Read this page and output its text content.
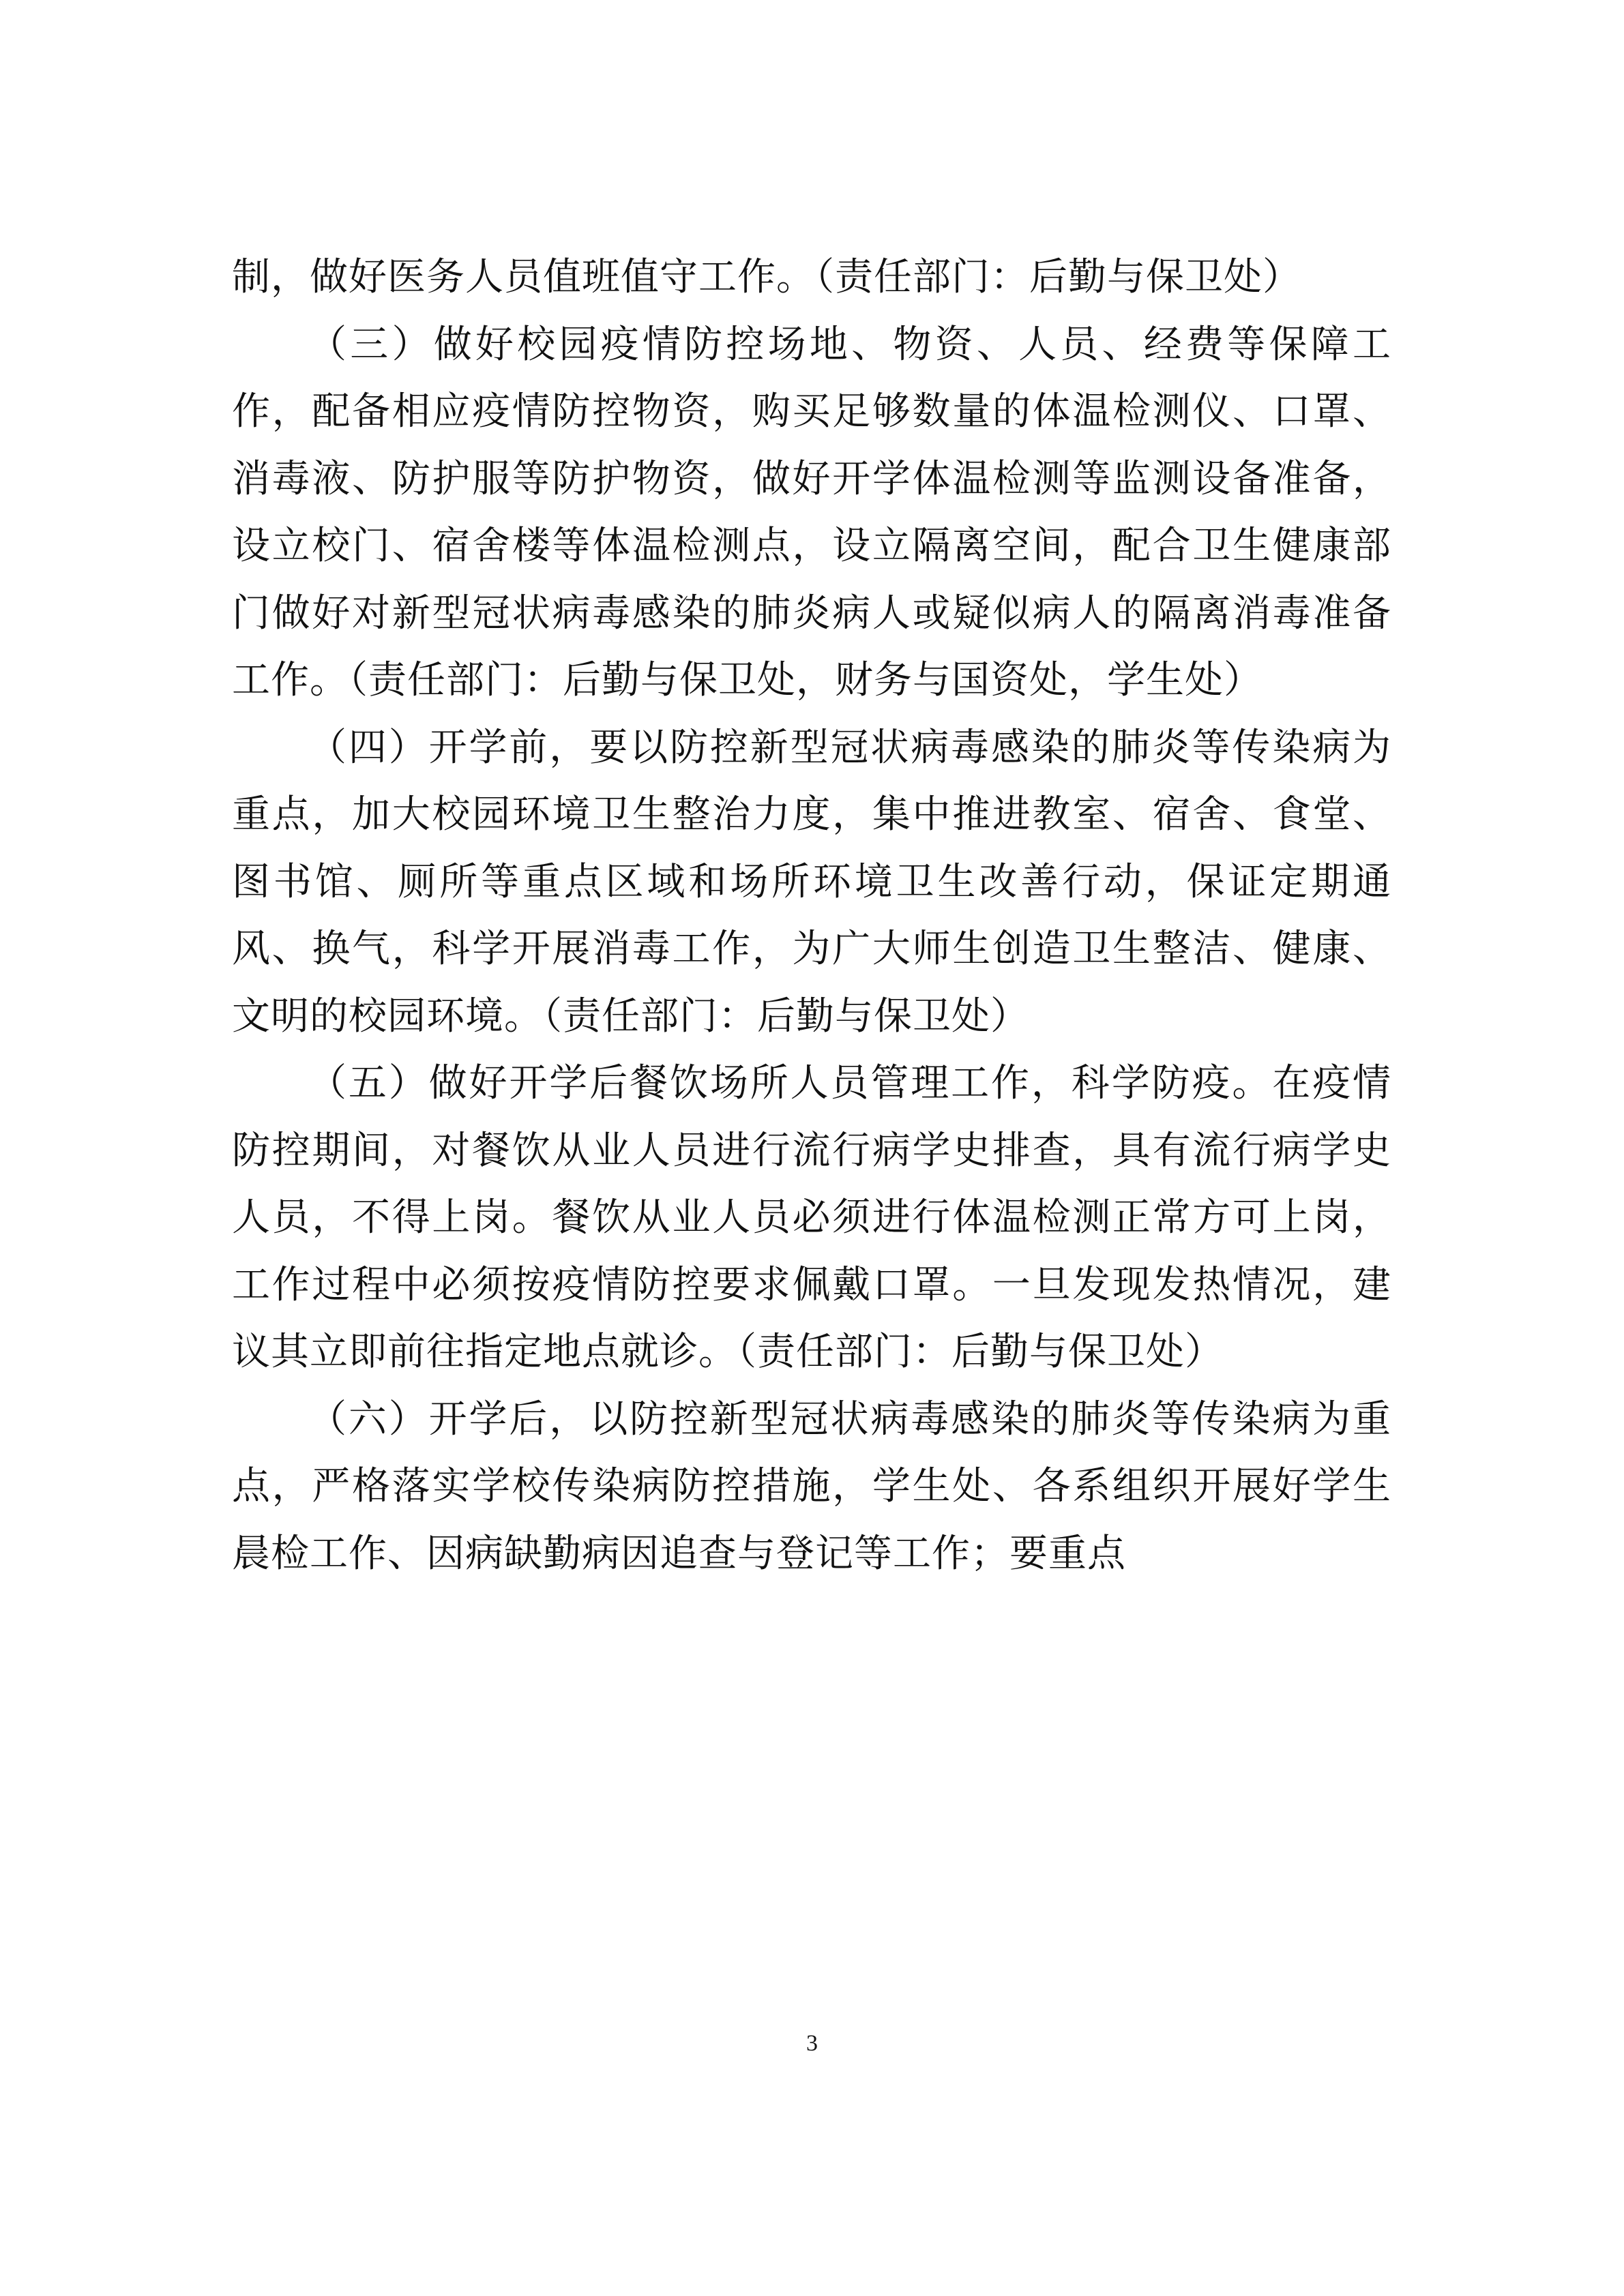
制，做好医务人员值班值守工作。（责任部门：后勤与保卫处）

（三）做好校园疫情防控场地、物资、人员、经费等保障工作，配备相应疫情防控物资，购买足够数量的体温检测仪、口罩、消毒液、防护服等防护物资，做好开学体温检测等监测设备准备，设立校门、宿舍楼等体温检测点，设立隔离空间，配合卫生健康部门做好对新型冠状病毒感染的肺炎病人或疑似病人的隔离消毒准备工作。（责任部门：后勤与保卫处，财务与国资处，学生处）

（四）开学前，要以防控新型冠状病毒感染的肺炎等传染病为重点，加大校园环境卫生整治力度，集中推进教室、宿舍、食堂、图书馆、厕所等重点区域和场所环境卫生改善行动，保证定期通风、换气，科学开展消毒工作，为广大师生创造卫生整洁、健康、文明的校园环境。（责任部门：后勤与保卫处）

（五）做好开学后餐饮场所人员管理工作，科学防疫。在疫情防控期间，对餐饮从业人员进行流行病学史排查，具有流行病学史人员，不得上岗。餐饮从业人员必须进行体温检测正常方可上岗，工作过程中必须按疫情防控要求佩戴口罩。一旦发现发热情况，建议其立即前往指定地点就诊。（责任部门：后勤与保卫处）

（六）开学后，以防控新型冠状病毒感染的肺炎等传染病为重点，严格落实学校传染病防控措施，学生处、各系组织开展好学生晨检工作、因病缺勤病因追查与登记等工作；要重点

3
